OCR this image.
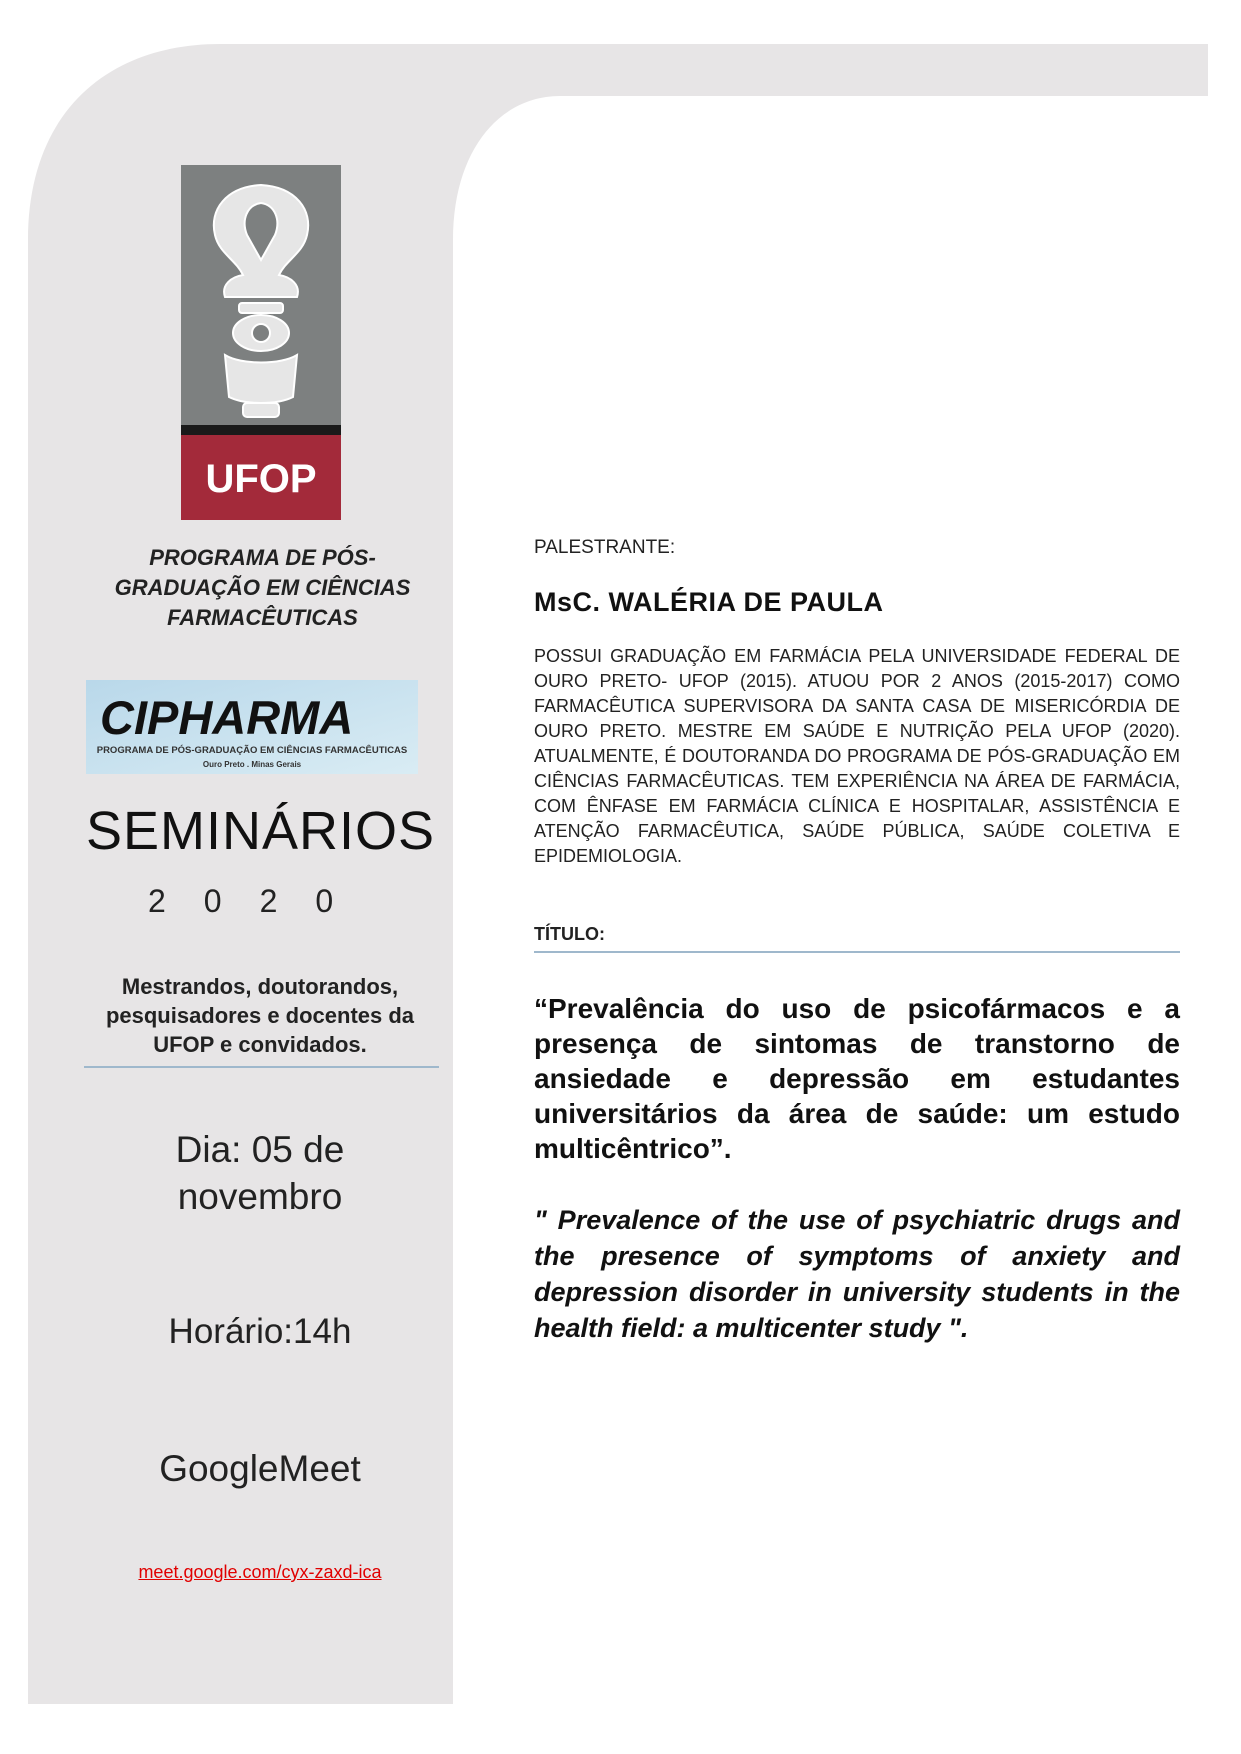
UFOP
PROGRAMA DE PÓS-GRADUAÇÃO EM CIÊNCIAS FARMACÊUTICAS
CIPHARMA
PROGRAMA DE PÓS-GRADUAÇÃO EM CIÊNCIAS FARMACÊUTICAS
Ouro Preto . Minas Gerais
SEMINÁRIOS
2020
Mestrandos, doutorandos, pesquisadores e docentes da UFOP e convidados.
Dia: 05 de novembro
Horário:14h
GoogleMeet
meet.google.com/cyx-zaxd-ica
PALESTRANTE:
MsC. WALÉRIA DE PAULA
POSSUI GRADUAÇÃO EM FARMÁCIA PELA UNIVERSIDADE FEDERAL DE OURO PRETO- UFOP (2015). ATUOU POR 2 ANOS (2015-2017) COMO FARMACÊUTICA SUPERVISORA DA SANTA CASA DE MISERICÓRDIA DE OURO PRETO. MESTRE EM SAÚDE E NUTRIÇÃO PELA UFOP (2020). ATUALMENTE, É DOUTORANDA DO PROGRAMA DE PÓS-GRADUAÇÃO EM CIÊNCIAS FARMACÊUTICAS. TEM EXPERIÊNCIA NA ÁREA DE FARMÁCIA, COM ÊNFASE EM FARMÁCIA CLÍNICA E HOSPITALAR, ASSISTÊNCIA E ATENÇÃO FARMACÊUTICA, SAÚDE PÚBLICA, SAÚDE COLETIVA E EPIDEMIOLOGIA.
TÍTULO:
“Prevalência do uso de psicofármacos e a presença de sintomas de transtorno de ansiedade e depressão em estudantes universitários da área de saúde: um estudo multicêntrico”.
" Prevalence of the use of psychiatric drugs and the presence of symptoms of anxiety and depression disorder in university students in the health field: a multicenter study ".
